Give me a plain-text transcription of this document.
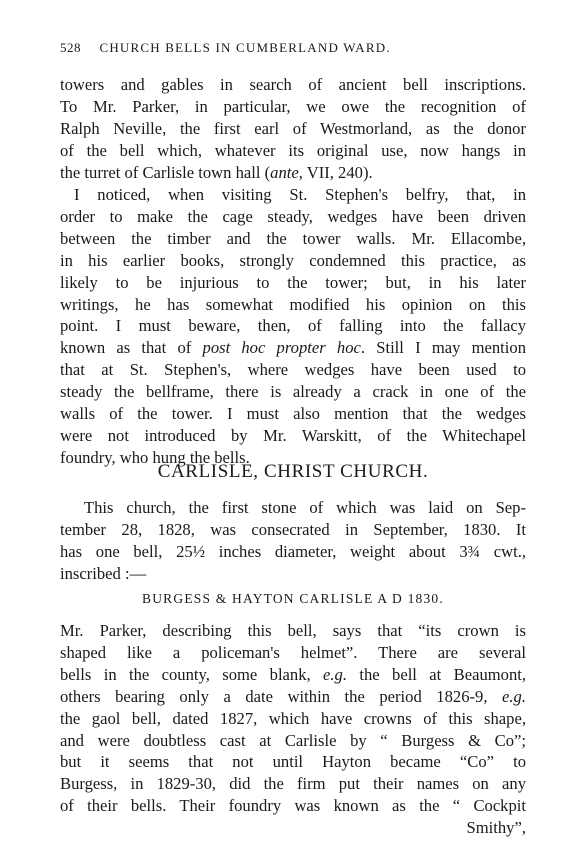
528 CHURCH BELLS IN CUMBERLAND WARD.
towers and gables in search of ancient bell inscriptions.
To Mr. Parker, in particular, we owe the recognition of
Ralph Neville, the first earl of Westmorland, as the donor
of the bell which, whatever its original use, now hangs in
the turret of Carlisle town hall (ante, VII, 240).
I noticed, when visiting St. Stephen's belfry, that, in
order to make the cage steady, wedges have been driven
between the timber and the tower walls. Mr. Ellacombe,
in his earlier books, strongly condemned this practice, as
likely to be injurious to the tower; but, in his later
writings, he has somewhat modified his opinion on this
point. I must beware, then, of falling into the fallacy
known as that of post hoc propter hoc. Still I may mention
that at St. Stephen's, where wedges have been used to
steady the bellframe, there is already a crack in one of the
walls of the tower. I must also mention that the wedges
were not introduced by Mr. Warskitt, of the Whitechapel
foundry, who hung the bells.
CARLISLE, CHRIST CHURCH.
This church, the first stone of which was laid on Sep-
tember 28, 1828, was consecrated in September, 1830. It
has one bell, 25½ inches diameter, weight about 3¾ cwt.,
inscribed :—
BURGESS & HAYTON CARLISLE A D 1830.
Mr. Parker, describing this bell, says that “its crown is
shaped like a policeman's helmet”. There are several
bells in the county, some blank, e.g. the bell at Beaumont,
others bearing only a date within the period 1826-9, e.g.
the gaol bell, dated 1827, which have crowns of this shape,
and were doubtless cast at Carlisle by “ Burgess & Co”;
but it seems that not until Hayton became “Co” to
Burgess, in 1829-30, did the firm put their names on any
of their bells. Their foundry was known as the “ Cockpit
Smithy”,
